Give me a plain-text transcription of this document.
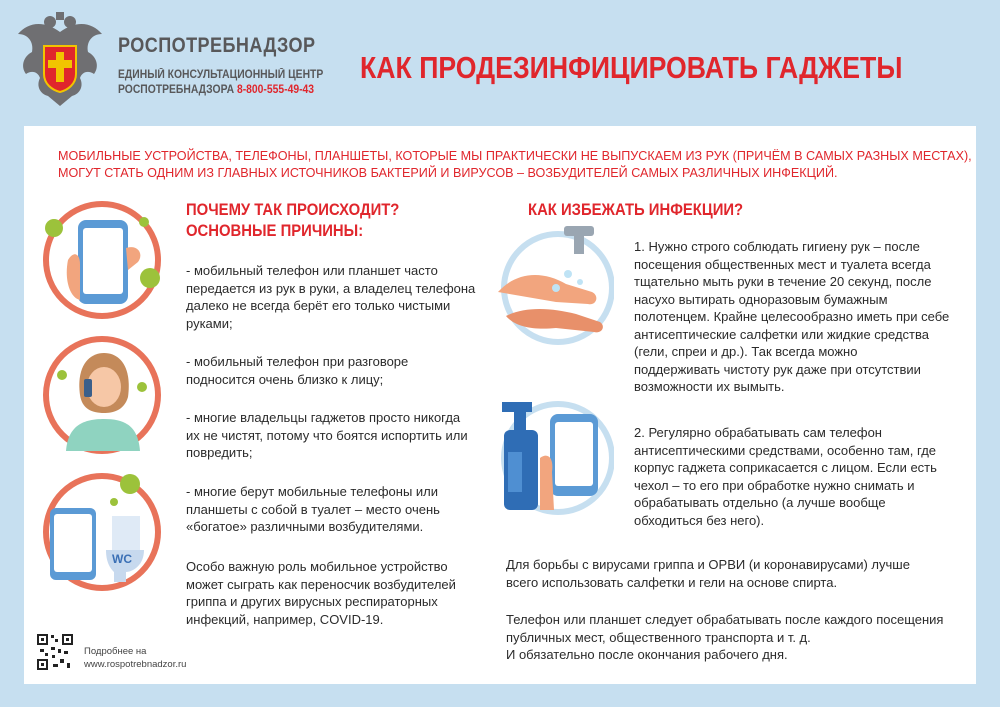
РОСПОТРЕБНАДЗОР
ЕДИНЫЙ КОНСУЛЬТАЦИОННЫЙ ЦЕНТР
РОСПОТРЕБНАДЗОРА 8-800-555-49-43
КАК ПРОДЕЗИНФИЦИРОВАТЬ ГАДЖЕТЫ
МОБИЛЬНЫЕ УСТРОЙСТВА, ТЕЛЕФОНЫ, ПЛАНШЕТЫ, КОТОРЫЕ МЫ ПРАКТИЧЕСКИ НЕ ВЫПУСКАЕМ ИЗ РУК (ПРИЧЁМ В САМЫХ РАЗНЫХ МЕСТАХ),
МОГУТ СТАТЬ ОДНИМ ИЗ ГЛАВНЫХ ИСТОЧНИКОВ БАКТЕРИЙ И ВИРУСОВ – ВОЗБУДИТЕЛЕЙ САМЫХ РАЗЛИЧНЫХ ИНФЕКЦИЙ.
WC
ПОЧЕМУ ТАК ПРОИСХОДИТ?
ОСНОВНЫЕ ПРИЧИНЫ:
- мобильный телефон или планшет часто
передается из рук в руки, а владелец телефона
далеко не всегда берёт его только чистыми
руками;
- мобильный телефон при разговоре
подносится очень близко к лицу;
- многие владельцы гаджетов просто никогда
их не чистят, потому что боятся испортить или
повредить;
- многие берут мобильные телефоны или
планшеты с собой в туалет – место очень
«богатое» различными возбудителями.
Особо важную роль мобильное устройство
может сыграть как переносчик возбудителей
гриппа и других вирусных респираторных
инфекций, например, COVID-19.
КАК ИЗБЕЖАТЬ ИНФЕКЦИИ?
1. Нужно строго соблюдать гигиену рук – после
посещения общественных мест и туалета всегда
тщательно мыть руки в течение 20 секунд, после
насухо вытирать одноразовым бумажным
полотенцем. Крайне целесообразно иметь при себе
антисептические салфетки или жидкие средства
(гели, спреи и др.). Так всегда можно
поддерживать чистоту рук даже при отсутствии
возможности их вымыть.
2. Регулярно обрабатывать сам телефон
антисептическими средствами, особенно там, где
корпус гаджета соприкасается с лицом. Если есть
чехол – то его при обработке нужно снимать и
обрабатывать отдельно (а лучше вообще
обходиться без него).
Для борьбы с вирусами гриппа и ОРВИ (и коронавирусами) лучше
всего использовать салфетки и гели на основе спирта.
Телефон или планшет следует обрабатывать после каждого посещения
публичных мест, общественного транспорта и т. д.
И обязательно после окончания рабочего дня.
Подробнее на
www.rospotrebnadzor.ru
